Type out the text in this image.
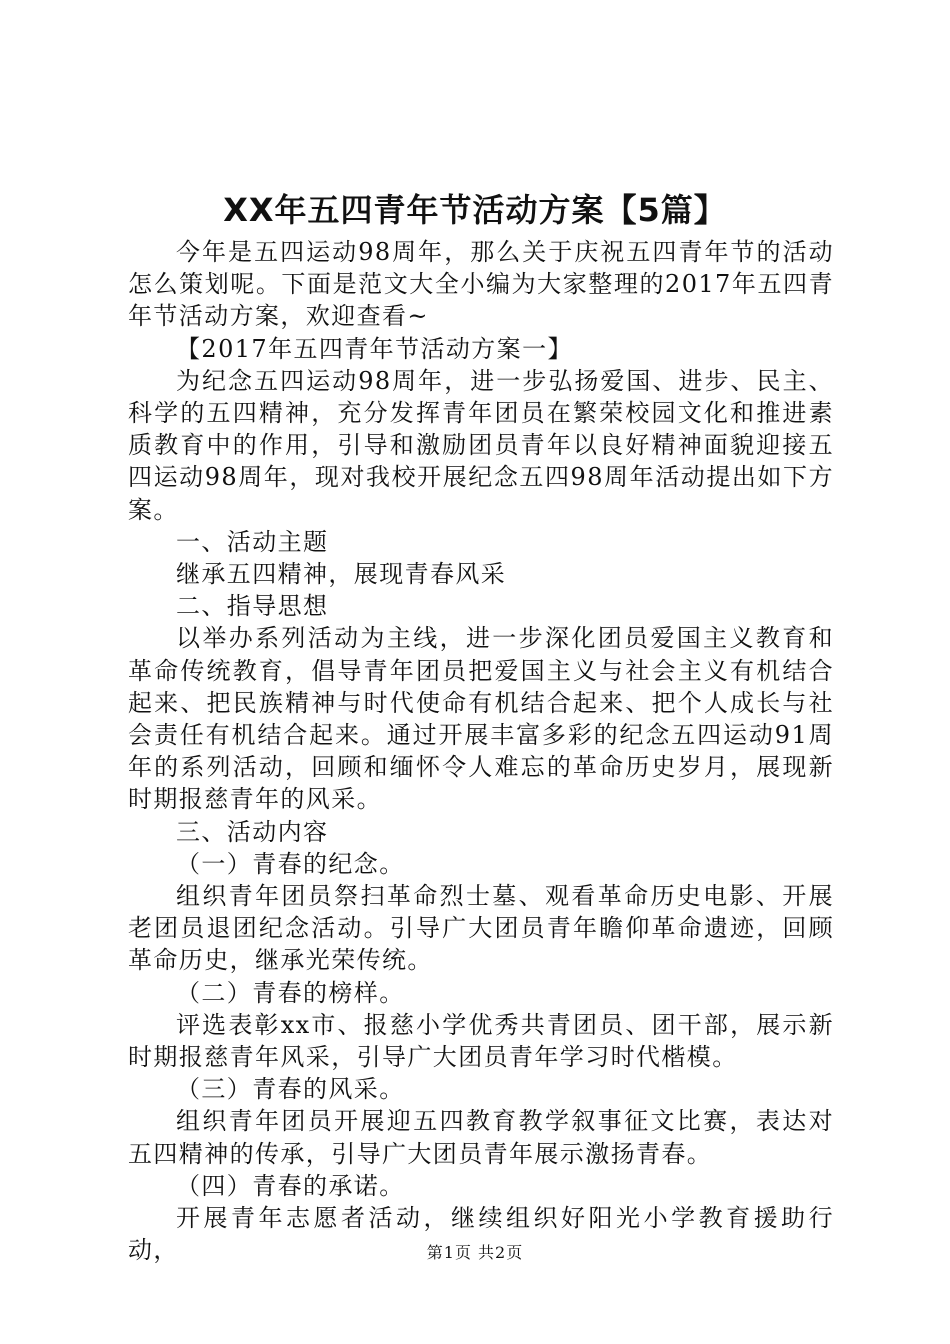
XX年五四青年节活动方案【5篇】

今年是五四运动98周年，那么关于庆祝五四青年节的活动怎么策划呢。下面是范文大全小编为大家整理的2017年五四青年节活动方案，欢迎查看~

【2017年五四青年节活动方案一】

为纪念五四运动98周年，进一步弘扬爱国、进步、民主、科学的五四精神，充分发挥青年团员在繁荣校园文化和推进素质教育中的作用，引导和激励团员青年以良好精神面貌迎接五四运动98周年，现对我校开展纪念五四98周年活动提出如下方案。

一、活动主题

继承五四精神，展现青春风采

二、指导思想

以举办系列活动为主线，进一步深化团员爱国主义教育和革命传统教育，倡导青年团员把爱国主义与社会主义有机结合起来、把民族精神与时代使命有机结合起来、把个人成长与社会责任有机结合起来。通过开展丰富多彩的纪念五四运动91周年的系列活动，回顾和缅怀令人难忘的革命历史岁月，展现新时期报慈青年的风采。

三、活动内容

（一）青春的纪念。

组织青年团员祭扫革命烈士墓、观看革命历史电影、开展老团员退团纪念活动。引导广大团员青年瞻仰革命遗迹，回顾革命历史，继承光荣传统。

（二）青春的榜样。

评选表彰xx市、报慈小学优秀共青团员、团干部，展示新时期报慈青年风采，引导广大团员青年学习时代楷模。

（三）青春的风采。

组织青年团员开展迎五四教育教学叙事征文比赛，表达对五四精神的传承，引导广大团员青年展示激扬青春。

（四）青春的承诺。

开展青年志愿者活动，继续组织好阳光小学教育援助行动，	第1页 共2页
